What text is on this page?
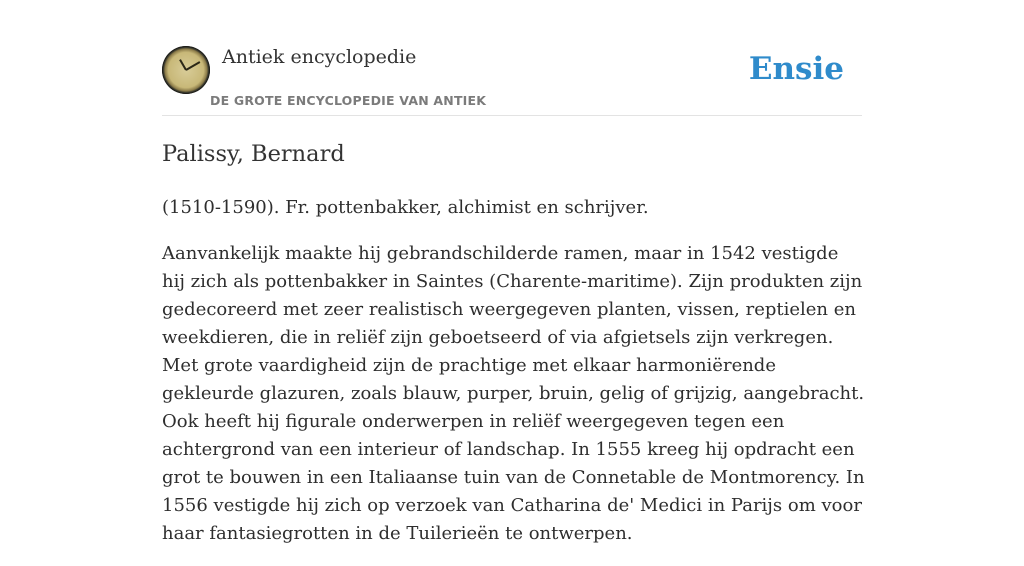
Antiek encyclopedie
DE GROTE ENCYCLOPEDIE VAN ANTIEK
Ensie
Palissy, Bernard

(1510-1590). Fr. pottenbakker, alchimist en schrijver.

Aanvankelijk maakte hij gebrandschilderde ramen, maar in 1542 vestigde hij zich als pottenbakker in Saintes (Charente-maritime). Zijn produkten zijn gedecoreerd met zeer realistisch weergegeven planten, vissen, reptielen en weekdieren, die in reliëf zijn geboetseerd of via afgietsels zijn verkregen. Met grote vaardigheid zijn de prachtige met elkaar harmoniërende gekleurde glazuren, zoals blauw, purper, bruin, gelig of grijzig, aangebracht. Ook heeft hij figurale onderwerpen in reliëf weergegeven tegen een achtergrond van een interieur of landschap. In 1555 kreeg hij opdracht een grot te bouwen in een Italiaanse tuin van de Connetable de Montmorency. In 1556 vestigde hij zich op verzoek van Catharina de' Medici in Parijs om voor haar fantasiegrotten in de Tuilerieën te ontwerpen.
